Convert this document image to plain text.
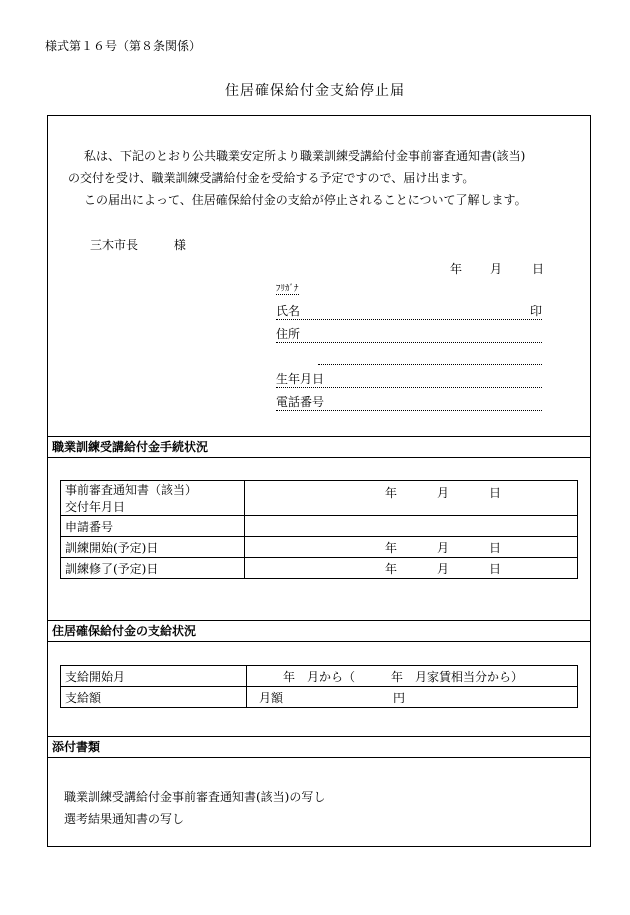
様式第１６号（第８条関係）
住居確保給付金支給停止届

私は、下記のとおり公共職業安定所より職業訓練受講給付金事前審査通知書(該当)

の交付を受け、職業訓練受講給付金を受給する予定ですので、届け出ます。

この届出によって、住居確保給付金の支給が停止されることについて了解します。

三木市長	様
年 月 日
ﾌﾘｶﾞﾅ
氏名	印
住所
生年月日
電話番号
職業訓練受講給付金手続状況
事前審査通知書（該当）
交付年月日	年 月 日
申請番号	
訓練開始(予定)日	年 月 日
訓練修了(予定)日	年 月 日
住居確保給付金の支給状況
支給開始月	年　月から（　　　年　月家賃相当分から）
支給額	月額 円
添付書類

職業訓練受講給付金事前審査通知書(該当)の写し

選考結果通知書の写し
